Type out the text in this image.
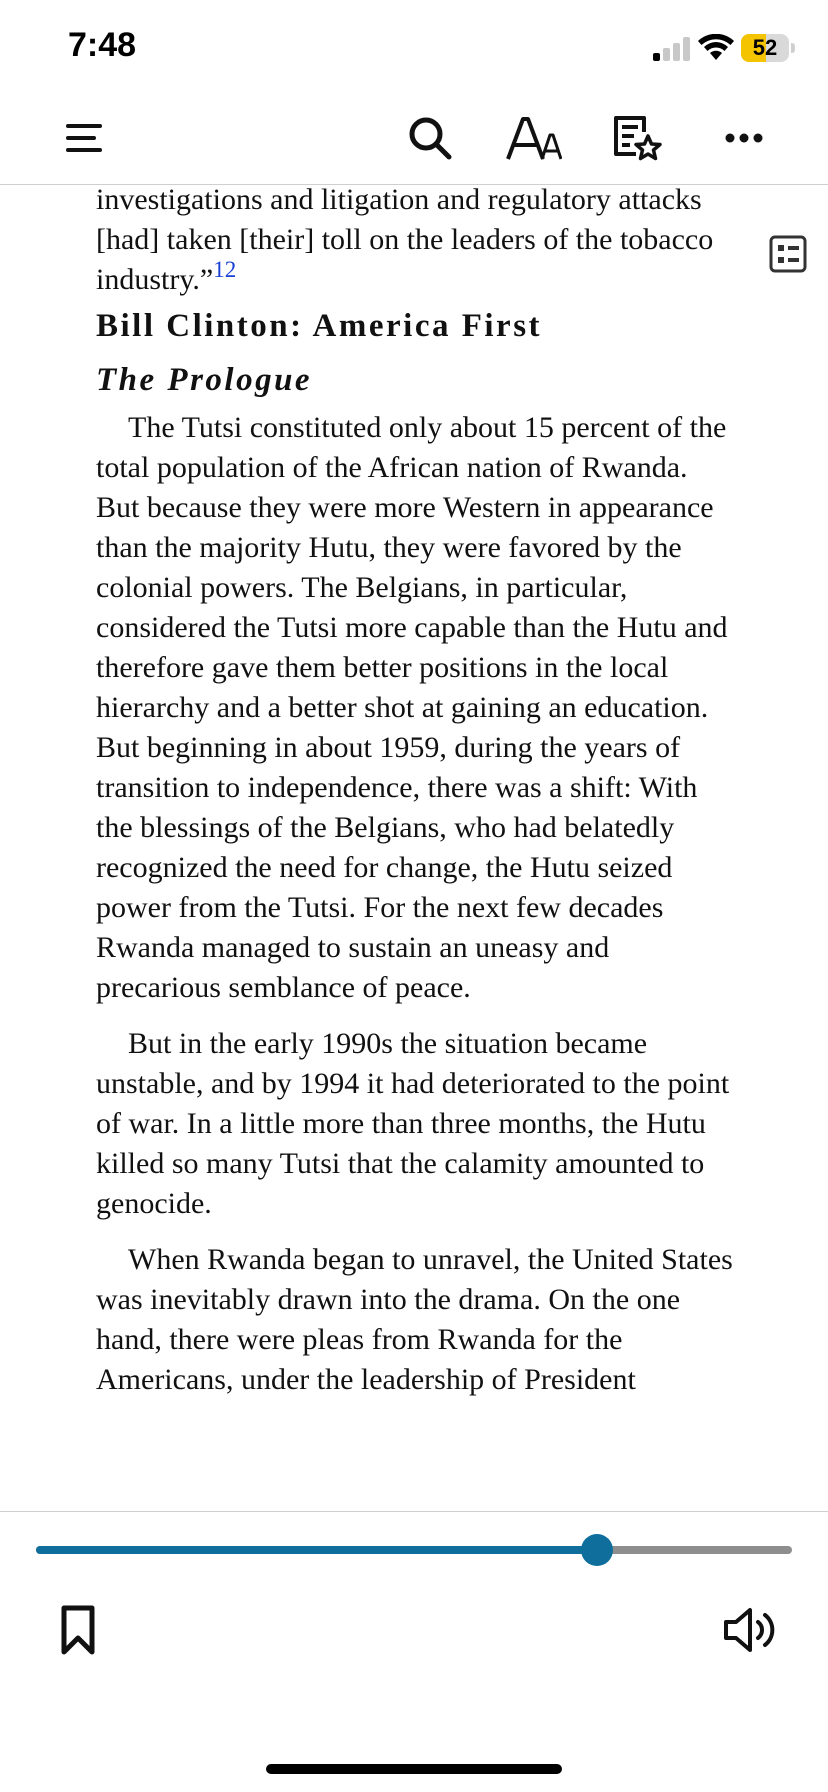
7:48	52

investigations and litigation and regulatory attacks [had] taken [their] toll on the leaders of the tobacco industry.”$^{12}$

Bill Clinton: America First

The Prologue

The Tutsi constituted only about 15 percent of the total population of the African nation of Rwanda. But because they were more Western in appearance than the majority Hutu, they were favored by the colonial powers. The Belgians, in particular, considered the Tutsi more capable than the Hutu and therefore gave them better positions in the local hierarchy and a better shot at gaining an education. But beginning in about 1959, during the years of transition to independence, there was a shift: With the blessings of the Belgians, who had belatedly recognized the need for change, the Hutu seized power from the Tutsi. For the next few decades Rwanda managed to sustain an uneasy and precarious semblance of peace.

But in the early 1990s the situation became unstable, and by 1994 it had deteriorated to the point of war. In a little more than three months, the Hutu killed so many Tutsi that the calamity amounted to genocide.

When Rwanda began to unravel, the United States was inevitably drawn into the drama. On the one hand, there were pleas from Rwanda for the Americans, under the leadership of President
